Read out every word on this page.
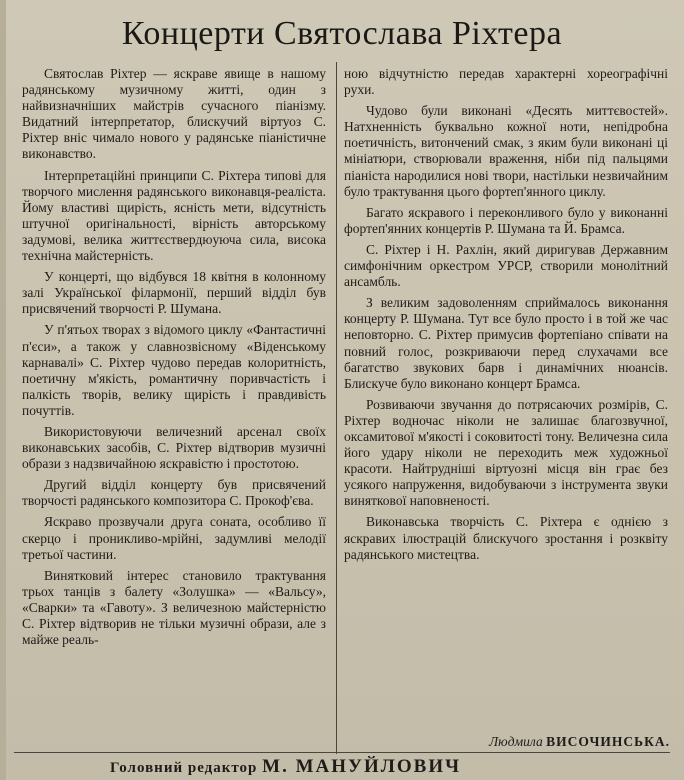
Концерти Святослава Ріхтера

Святослав Ріхтер — яскраве явище в нашому радянському музичному житті, один з найвизначніших майстрів сучасного піанізму. Видатний інтерпретатор, блискучий віртуоз С. Ріхтер вніс чимало нового у радянське піаністичне виконавство.

Інтерпретаційні принципи С. Ріхтера типові для творчого мислення радянського виконавця-реаліста. Йому властиві щирість, ясність мети, відсутність штучної оригінальності, вірність авторському задумові, велика життєствердюуюча сила, висока технічна майстерність.

У концерті, що відбувся 18 квітня в колонному залі Української філармонії, перший відділ був присвячений творчості Р. Шумана.

У п'ятьох творах з відомого циклу «Фантастичні п'єси», а також у славнозвісному «Віденському карнавалі» С. Ріхтер чудово передав колоритність, поетичну м'якість, романтичну поривчастість і палкість творів, велику щирість і правдивість почуттів.

Використовуючи величезний арсенал своїх виконавських засобів, С. Ріхтер відтворив музичні образи з надзвичайною яскравістю і простотою.

Другий відділ концерту був присвячений творчості радянського композитора С. Прокоф'єва.

Яскраво прозвучали друга соната, особливо її скерцо і проникливо-мрійні, задумливі мелодії третьої частини.

Винятковий інтерес становило трактування трьох танців з балету «Золушка» — «Вальсу», «Сварки» та «Гавоту». З величезною майстерністю С. Ріхтер відтворив не тільки музичні образи, але з майже реаль-

ною відчутністю передав характерні хореографічні рухи.

Чудово були виконані «Десять миттєвостей». Натхненність буквально кожної ноти, непідробна поетичність, витончений смак, з яким були виконані ці мініатюри, створювали враження, ніби під пальцями піаніста народилися нові твори, настільки незвичайним було трактування цього фортеп'янного циклу.

Багато яскравого і переконливого було у виконанні фортеп'янних концертів Р. Шумана та Й. Брамса.

С. Ріхтер і Н. Рахлін, який диригував Державним симфонічним оркестром УРСР, створили монолітний ансамбль.

З великим задоволенням сприймалось виконання концерту Р. Шумана. Тут все було просто і в той же час неповторно. С. Ріхтер примусив фортепіано співати на повний голос, розкриваючи перед слухачами все багатство звукових барв і динамічних нюансів. Блискуче було виконано концерт Брамса.

Розвиваючи звучання до потрясаючих розмірів, С. Ріхтер водночас ніколи не залишає благозвучної, оксамитової м'якості і соковитості тону. Величезна сила його удару ніколи не переходить меж художньої красоти. Найтрудніші віртуозні місця він грає без усякого напруження, видобуваючи з інструмента звуки виняткової наповненості.

Виконавська творчість С. Ріхтера є однією з яскравих ілюстрацій блискучого зростання і розквіту радянського мистецтва.

Людмила ВИСОЧИНСЬКА.
Головний редактор М. МАНУЙЛОВИЧ
